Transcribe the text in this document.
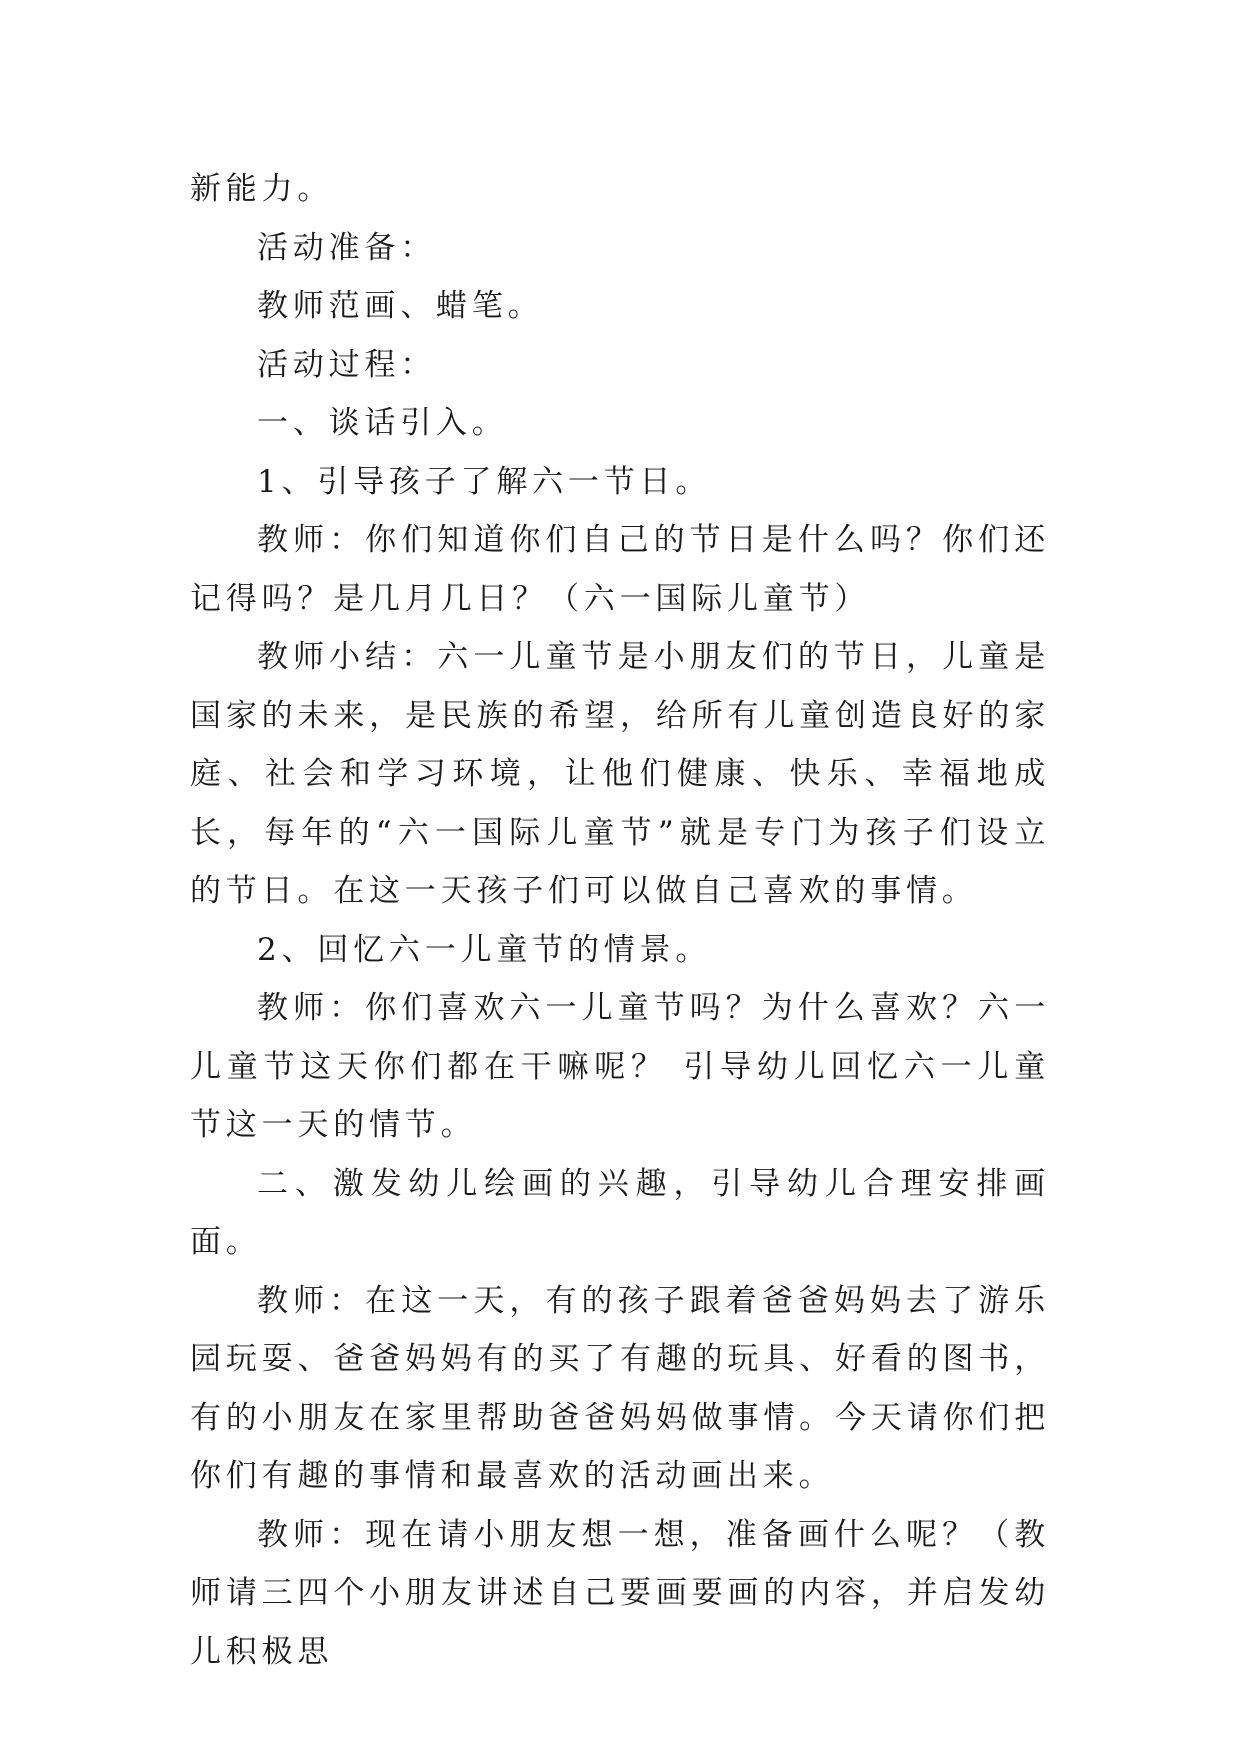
新能力。

活动准备：

教师范画、蜡笔。

活动过程：

一、谈话引入。

1、引导孩子了解六一节日。

教师：你们知道你们自己的节日是什么吗？你们还记得吗？是几月几日？（六一国际儿童节）

教师小结：六一儿童节是小朋友们的节日，儿童是国家的未来，是民族的希望，给所有儿童创造良好的家庭、社会和学习环境，让他们健康、快乐、幸福地成长，每年的“六一国际儿童节”就是专门为孩子们设立的节日。在这一天孩子们可以做自己喜欢的事情。

2、回忆六一儿童节的情景。

教师：你们喜欢六一儿童节吗？为什么喜欢？六一儿童节这天你们都在干嘛呢？ 引导幼儿回忆六一儿童节这一天的情节。

二、激发幼儿绘画的兴趣，引导幼儿合理安排画面。

教师：在这一天，有的孩子跟着爸爸妈妈去了游乐园玩耍、爸爸妈妈有的买了有趣的玩具、好看的图书，有的小朋友在家里帮助爸爸妈妈做事情。今天请你们把你们有趣的事情和最喜欢的活动画出来。

教师：现在请小朋友想一想，准备画什么呢？（教师请三四个小朋友讲述自己要画要画的内容，并启发幼儿积极思
